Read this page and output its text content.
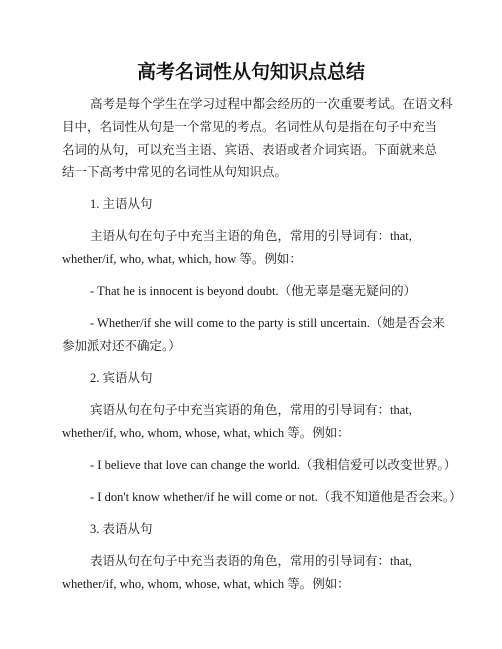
高考名词性从句知识点总结
高考是每个学生在学习过程中都会经历的一次重要考试。在语文科
目中，名词性从句是一个常见的考点。名词性从句是指在句子中充当
名词的从句，可以充当主语、宾语、表语或者介词宾语。下面就来总
结一下高考中常见的名词性从句知识点。
1. 主语从句
主语从句在句子中充当主语的角色，常用的引导词有：that,
whether/if, who, what, which, how 等。例如：
- That he is innocent is beyond doubt.（他无辜是毫无疑问的）
- Whether/if she will come to the party is still uncertain.（她是否会来
参加派对还不确定。）
2. 宾语从句
宾语从句在句子中充当宾语的角色，常用的引导词有：that,
whether/if, who, whom, whose, what, which 等。例如：
- I believe that love can change the world.（我相信爱可以改变世界。）
- I don't know whether/if he will come or not.（我不知道他是否会来。）
3. 表语从句
表语从句在句子中充当表语的角色，常用的引导词有：that,
whether/if, who, whom, whose, what, which 等。例如：
